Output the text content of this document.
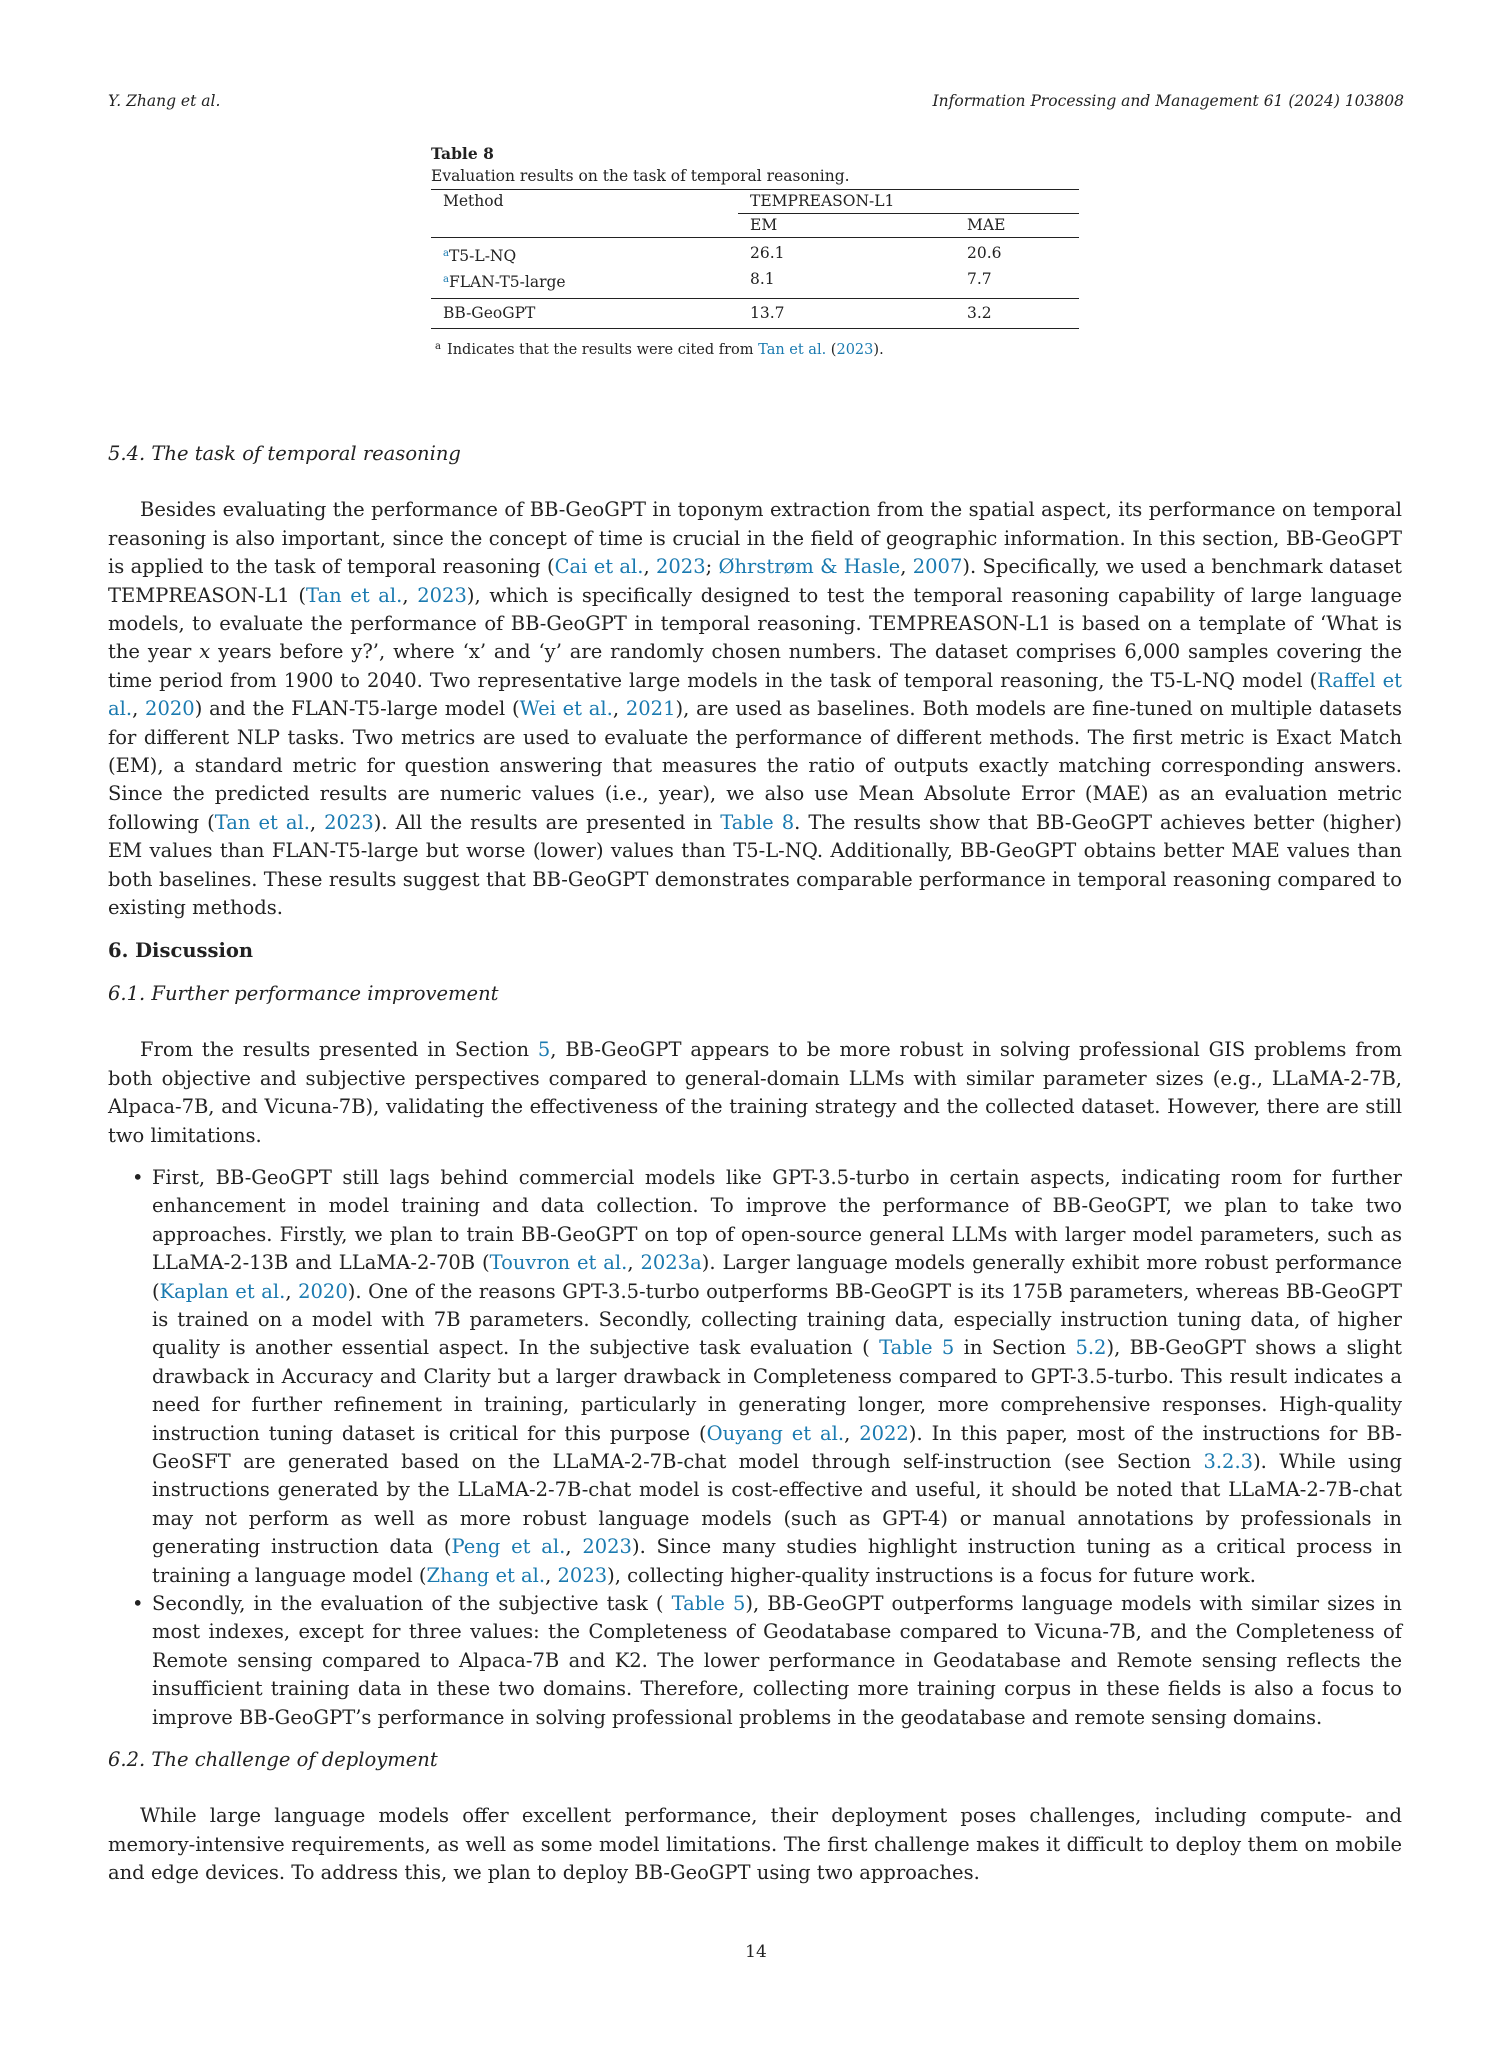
Y. Zhang et al.	Information Processing and Management 61 (2024) 103808
Table 8
Evaluation results on the task of temporal reasoning.
Method	TEMPREASON-L1	
	EM	MAE
$^a$T5-L-NQ	26.1	20.6
$^a$FLAN-T5-large	8.1	7.7
BB-GeoGPT	13.7	3.2
$^a$ Indicates that the results were cited from Tan et al. (2023).
5.4. The task of temporal reasoning

Besides evaluating the performance of BB-GeoGPT in toponym extraction from the spatial aspect, its performance on temporal reasoning is also important, since the concept of time is crucial in the field of geographic information. In this section, BB-GeoGPT is applied to the task of temporal reasoning (Cai et al., 2023; Øhrstrøm & Hasle, 2007). Specifically, we used a benchmark dataset TEMPREASON-L1 (Tan et al., 2023), which is specifically designed to test the temporal reasoning capability of large language models, to evaluate the performance of BB-GeoGPT in temporal reasoning. TEMPREASON-L1 is based on a template of ‘What is the year x years before y?’, where ‘x’ and ‘y’ are randomly chosen numbers. The dataset comprises 6,000 samples covering the time period from 1900 to 2040. Two representative large models in the task of temporal reasoning, the T5-L-NQ model (Raffel et al., 2020) and the FLAN-T5-large model (Wei et al., 2021), are used as baselines. Both models are fine-tuned on multiple datasets for different NLP tasks. Two metrics are used to evaluate the performance of different methods. The first metric is Exact Match (EM), a standard metric for question answering that measures the ratio of outputs exactly matching corresponding answers. Since the predicted results are numeric values (i.e., year), we also use Mean Absolute Error (MAE) as an evaluation metric following (Tan et al., 2023). All the results are presented in Table 8. The results show that BB-GeoGPT achieves better (higher) EM values than FLAN-T5-large but worse (lower) values than T5-L-NQ. Additionally, BB-GeoGPT obtains better MAE values than both baselines. These results suggest that BB-GeoGPT demonstrates comparable performance in temporal reasoning compared to existing methods.

6. Discussion
6.1. Further performance improvement

From the results presented in Section 5, BB-GeoGPT appears to be more robust in solving professional GIS problems from both objective and subjective perspectives compared to general-domain LLMs with similar parameter sizes (e.g., LLaMA-2-7B, Alpaca-7B, and Vicuna-7B), validating the effectiveness of the training strategy and the collected dataset. However, there are still two limitations.

• First, BB-GeoGPT still lags behind commercial models like GPT-3.5-turbo in certain aspects, indicating room for further enhancement in model training and data collection. To improve the performance of BB-GeoGPT, we plan to take two approaches. Firstly, we plan to train BB-GeoGPT on top of open-source general LLMs with larger model parameters, such as LLaMA-2-13B and LLaMA-2-70B (Touvron et al., 2023a). Larger language models generally exhibit more robust performance (Kaplan et al., 2020). One of the reasons GPT-3.5-turbo outperforms BB-GeoGPT is its 175B parameters, whereas BB-GeoGPT is trained on a model with 7B parameters. Secondly, collecting training data, especially instruction tuning data, of higher quality is another essential aspect. In the subjective task evaluation ( Table 5 in Section 5.2), BB-GeoGPT shows a slight drawback in Accuracy and Clarity but a larger drawback in Completeness compared to GPT-3.5-turbo. This result indicates a need for further refinement in training, particularly in generating longer, more comprehensive responses. High-quality instruction tuning dataset is critical for this purpose (Ouyang et al., 2022). In this paper, most of the instructions for BB-GeoSFT are generated based on the LLaMA-2-7B-chat model through self-instruction (see Section 3.2.3). While using instructions generated by the LLaMA-2-7B-chat model is cost-effective and useful, it should be noted that LLaMA-2-7B-chat may not perform as well as more robust language models (such as GPT-4) or manual annotations by professionals in generating instruction data (Peng et al., 2023). Since many studies highlight instruction tuning as a critical process in training a language model (Zhang et al., 2023), collecting higher-quality instructions is a focus for future work.
• Secondly, in the evaluation of the subjective task ( Table 5), BB-GeoGPT outperforms language models with similar sizes in most indexes, except for three values: the Completeness of Geodatabase compared to Vicuna-7B, and the Completeness of Remote sensing compared to Alpaca-7B and K2. The lower performance in Geodatabase and Remote sensing reflects the insufficient training data in these two domains. Therefore, collecting more training corpus in these fields is also a focus to improve BB-GeoGPT’s performance in solving professional problems in the geodatabase and remote sensing domains.
6.2. The challenge of deployment

While large language models offer excellent performance, their deployment poses challenges, including compute- and memory-intensive requirements, as well as some model limitations. The first challenge makes it difficult to deploy them on mobile and edge devices. To address this, we plan to deploy BB-GeoGPT using two approaches.

14
